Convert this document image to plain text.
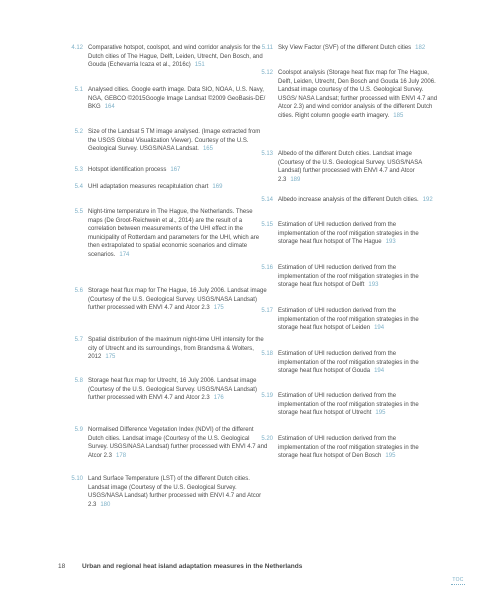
4.12 Comparative hotspot, coolspot, and wind corridor analysis for the Dutch cities of The Hague, Delft, Leiden, Utrecht, Den Bosch, and Gouda (Echevarria Icaza et al., 2016c) 151
5.1 Analysed cities. Google earth image. Data SIO, NOAA, U.S. Navy, NGA, GEBCO ©2015Google Image Landsat ©2009 GeoBasis-DE/ BKG 164
5.2 Size of the Landsat 5 TM image analysed. (Image extracted from the USGS Global Visualization Viewer). Courtesy of the U.S. Geological Survey. USGS/NASA Landsat. 165
5.3 Hotspot identification process 167
5.4 UHI adaptation measures recapitulation chart 169
5.5 Night-time temperature in The Hague, the Netherlands. These maps (De Groot-Reichwein et al., 2014) are the result of a correlation between measurements of the UHI effect in the municipality of Rotterdam and parameters for the UHI, which are then extrapolated to spatial economic scenarios and climate scenarios. 174
5.6 Storage heat flux map for The Hague, 16 July 2006. Landsat image (Courtesy of the U.S. Geological Survey. USGS/NASA Landsat) further processed with ENVI 4.7 and Atcor 2.3 175
5.7 Spatial distribution of the maximum night-time UHI intensity for the city of Utrecht and its surroundings, from Brandsma & Wolters, 2012 175
5.8 Storage heat flux map for Utrecht, 16 July 2006. Landsat image (Courtesy of the U.S. Geological Survey. USGS/NASA Landsat) further processed with ENVI 4.7 and Atcor 2.3 176
5.9 Normalised Difference Vegetation Index (NDVI) of the different Dutch cities. Landsat image (Courtesy of the U.S. Geological Survey. USGS/NASA Landsat) further processed with ENVI 4.7 and Atcor 2.3 178
5.10 Land Surface Temperature (LST) of the different Dutch cities. Landsat image (Courtesy of the U.S. Geological Survey. USGS/NASA Landsat) further processed with ENVI 4.7 and Atcor 2.3 180
5.11 Sky View Factor (SVF) of the different Dutch cities 182
5.12 Coolspot analysis (Storage heat flux map for The Hague, Delft, Leiden, Utrecht, Den Bosch and Gouda 16 July 2006. Landsat image courtesy of the U.S. Geological Survey. USGS/ NASA Landsat; further processed with ENVI 4.7 and Atcor 2.3) and wind corridor analysis of the different Dutch cities. Right column google earth imagery. 185
5.13 Albedo of the different Dutch cities. Landsat image (Courtesy of the U.S. Geological Survey. USGS/NASA Landsat) further processed with ENVI 4.7 and Atcor 2.3 189
5.14 Albedo increase analysis of the different Dutch cities. 192
5.15 Estimation of UHI reduction derived from the implementation of the roof mitigation strategies in the storage heat flux hotspot of The Hague 193
5.16 Estimation of UHI reduction derived from the implementation of the roof mitigation strategies in the storage heat flux hotspot of Delft 193
5.17 Estimation of UHI reduction derived from the implementation of the roof mitigation strategies in the storage heat flux hotspot of Leiden 194
5.18 Estimation of UHI reduction derived from the implementation of the roof mitigation strategies in the storage heat flux hotspot of Gouda 194
5.19 Estimation of UHI reduction derived from the implementation of the roof mitigation strategies in the storage heat flux hotspot of Utrecht 195
5.20 Estimation of UHI reduction derived from the implementation of the roof mitigation strategies in the storage heat flux hotspot of Den Bosch 195
18	Urban and regional heat island adaptation measures in the Netherlands
TOC
